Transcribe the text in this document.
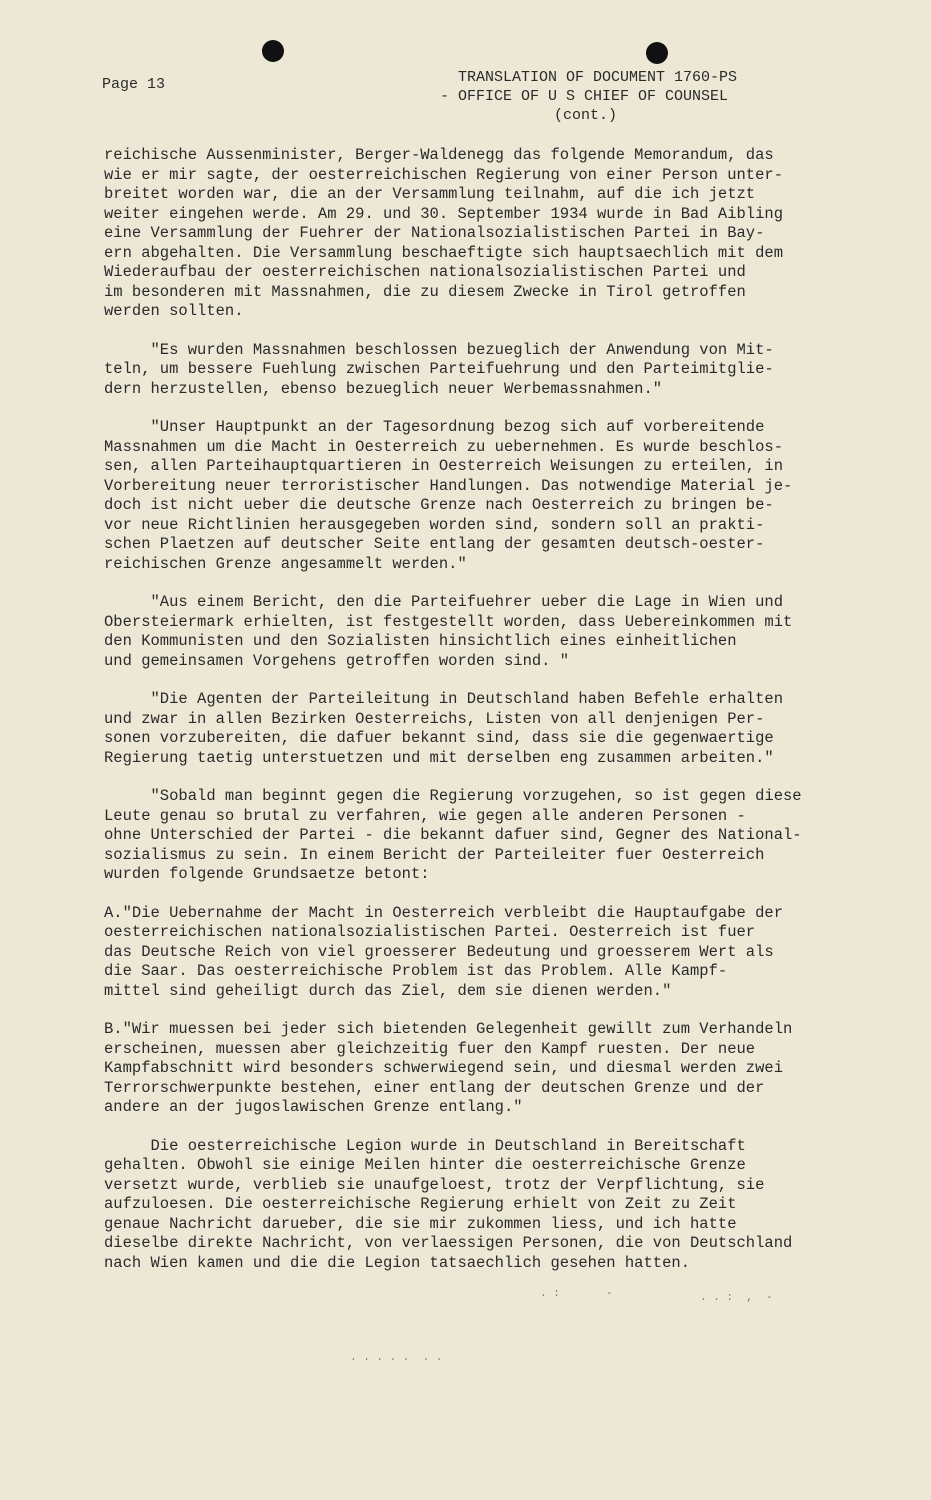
Page 13	TRANSLATION OF DOCUMENT 1760-PS
- OFFICE OF U S CHIEF OF COUNSEL
(cont.)
reichische Aussenminister, Berger-Waldenegg das folgende Memorandum, das
wie er mir sagte, der oesterreichischen Regierung von einer Person unter-
breitet worden war, die an der Versammlung teilnahm, auf die ich jetzt
weiter eingehen werde. Am 29. und 30. September 1934 wurde in Bad Aibling
eine Versammlung der Fuehrer der Nationalsozialistischen Partei in Bay-
ern abgehalten. Die Versammlung beschaeftigte sich hauptsaechlich mit dem
Wiederaufbau der oesterreichischen nationalsozialistischen Partei und
im besonderen mit Massnahmen, die zu diesem Zwecke in Tirol getroffen
werden sollten.
"Es wurden Massnahmen beschlossen bezueglich der Anwendung von Mit-
teln, um bessere Fuehlung zwischen Parteifuehrung und den Parteimitglie-
dern herzustellen, ebenso bezueglich neuer Werbemassnahmen."
"Unser Hauptpunkt an der Tagesordnung bezog sich auf vorbereitende
Massnahmen um die Macht in Oesterreich zu uebernehmen. Es wurde beschlos-
sen, allen Parteihauptquartieren in Oesterreich Weisungen zu erteilen, in
Vorbereitung neuer terroristischer Handlungen. Das notwendige Material je-
doch ist nicht ueber die deutsche Grenze nach Oesterreich zu bringen be-
vor neue Richtlinien herausgegeben worden sind, sondern soll an prakti-
schen Plaetzen auf deutscher Seite entlang der gesamten deutsch-oester-
reichischen Grenze angesammelt werden."
"Aus einem Bericht, den die Parteifuehrer ueber die Lage in Wien und
Obersteiermark erhielten, ist festgestellt worden, dass Uebereinkommen mit
den Kommunisten und den Sozialisten hinsichtlich eines einheitlichen
und gemeinsamen Vorgehens getroffen worden sind. "
"Die Agenten der Parteileitung in Deutschland haben Befehle erhalten
und zwar in allen Bezirken Oesterreichs, Listen von all denjenigen Per-
sonen vorzubereiten, die dafuer bekannt sind, dass sie die gegenwaertige
Regierung taetig unterstuetzen und mit derselben eng zusammen arbeiten."
"Sobald man beginnt gegen die Regierung vorzugehen, so ist gegen diese
Leute genau so brutal zu verfahren, wie gegen alle anderen Personen -
ohne Unterschied der Partei - die bekannt dafuer sind, Gegner des National-
sozialismus zu sein. In einem Bericht der Parteileiter fuer Oesterreich
wurden folgende Grundsaetze betont:
A."Die Uebernahme der Macht in Oesterreich verbleibt die Hauptaufgabe der
oesterreichischen nationalsozialistischen Partei. Oesterreich ist fuer
das Deutsche Reich von viel groesserer Bedeutung und groesserem Wert als
die Saar. Das oesterreichische Problem ist das Problem. Alle Kampf-
mittel sind geheiligt durch das Ziel, dem sie dienen werden."
B."Wir muessen bei jeder sich bietenden Gelegenheit gewillt zum Verhandeln
erscheinen, muessen aber gleichzeitig fuer den Kampf ruesten. Der neue
Kampfabschnitt wird besonders schwerwiegend sein, und diesmal werden zwei
Terrorschwerpunkte bestehen, einer entlang der deutschen Grenze und der
andere an der jugoslawischen Grenze entlang."
Die oesterreichische Legion wurde in Deutschland in Bereitschaft
gehalten. Obwohl sie einige Meilen hinter die oesterreichische Grenze
versetzt wurde, verblieb sie unaufgeloest, trotz der Verpflichtung, sie
aufzuloesen. Die oesterreichische Regierung erhielt von Zeit zu Zeit
genaue Nachricht darueber, die sie mir zukommen liess, und ich hatte
dieselbe direkte Nachricht, von verlaessigen Personen, die von Deutschland
nach Wien kamen und die die Legion tatsaechlich gesehen hatten.
. :       -	. . :  ,  -
. . . . .  . .
